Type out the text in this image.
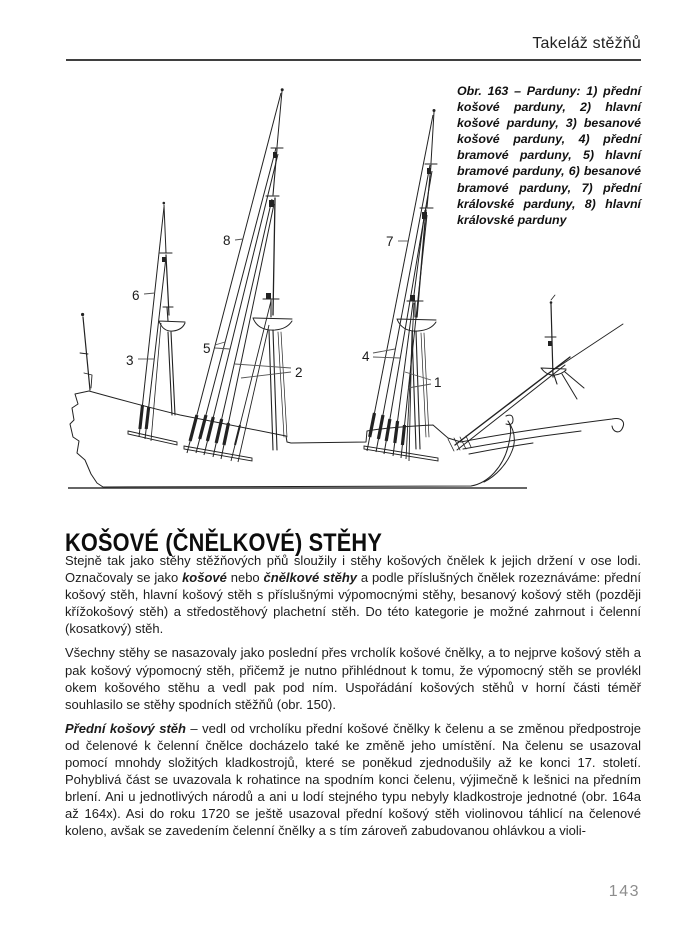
Takeláž stěžňů
8	7
6
3
5
2
4
1
Obr. 163 – Parduny: 1) přední košové parduny, 2) hlavní košové parduny, 3) besanové košové parduny, 4) přední bramové parduny, 5) hlavní bramové parduny, 6) besanové bramové parduny, 7) přední královské parduny, 8) hlavní královské parduny
KOŠOVÉ (ČNĚLKOVÉ) STĚHY

Stejně tak jako stěhy stěžňových pňů sloužily i stěhy košových čnělek k jejich držení v ose lodi. Označovaly se jako košové nebo čnělkové stěhy a podle příslušných čnělek rozeznáváme: přední košový stěh, hlavní košový stěh s příslušnými výpomocnými stěhy, besanový košový stěh (později křížokošový stěh) a středostěhový plachetní stěh. Do této kategorie je možné zahrnout i čelenní (kosatkový) stěh.

Všechny stěhy se nasazovaly jako poslední přes vrcholík košové čnělky, a to nejprve košový stěh a pak košový výpomocný stěh, přičemž je nutno přihlédnout k tomu, že výpomocný stěh se provlékl okem košového stěhu a vedl pak pod ním. Uspořádání košových stěhů v horní části téměř souhlasilo se stěhy spodních stěžňů (obr. 150).

Přední košový stěh – vedl od vrcholíku přední košové čnělky k čelenu a se změnou předpostroje od čelenové k čelenní čnělce docházelo také ke změně jeho umístění. Na čelenu se usazoval pomocí mnohdy složitých kladkostrojů, které se poněkud zjednodušily až ke konci 17. století. Pohyblivá část se uvazovala k rohatince na spodním konci čelenu, výjimečně k lešnici na předním brlení. Ani u jednotlivých národů a ani u lodí stejného typu nebyly kladkostroje jednotné (obr. 164a až 164x). Asi do roku 1720 se ještě usazoval přední košový stěh violinovou táhlicí na čelenové koleno, avšak se zavedením čelenní čnělky a s tím zároveň zabudovanou ohlávkou a violi-

143
